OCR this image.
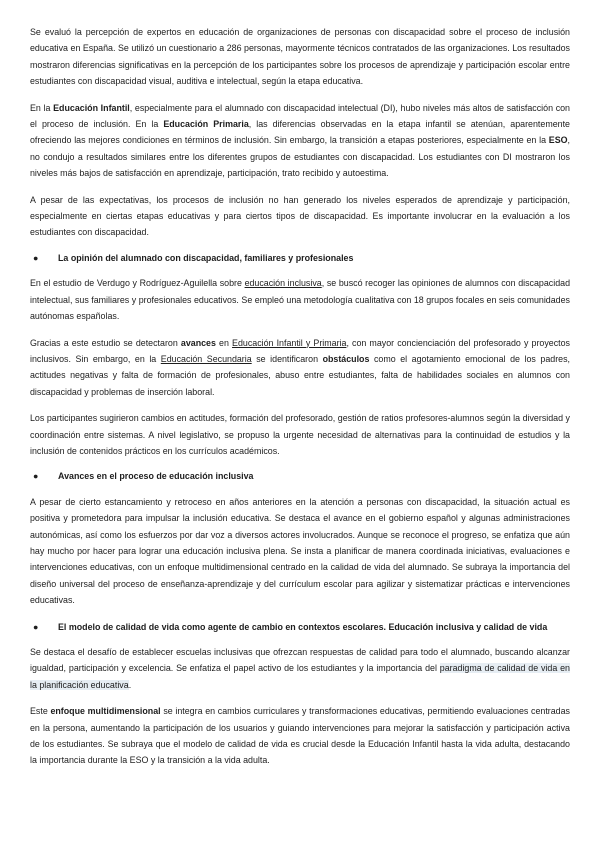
Se evaluó la percepción de expertos en educación de organizaciones de personas con discapacidad sobre el proceso de inclusión educativa en España. Se utilizó un cuestionario a 286 personas, mayormente técnicos contratados de las organizaciones. Los resultados mostraron diferencias significativas en la percepción de los participantes sobre los procesos de aprendizaje y participación escolar entre estudiantes con discapacidad visual, auditiva e intelectual, según la etapa educativa.

En la Educación Infantil, especialmente para el alumnado con discapacidad intelectual (DI), hubo niveles más altos de satisfacción con el proceso de inclusión. En la Educación Primaria, las diferencias observadas en la etapa infantil se atenúan, aparentemente ofreciendo las mejores condiciones en términos de inclusión. Sin embargo, la transición a etapas posteriores, especialmente en la ESO, no condujo a resultados similares entre los diferentes grupos de estudiantes con discapacidad. Los estudiantes con DI mostraron los niveles más bajos de satisfacción en aprendizaje, participación, trato recibido y autoestima.

A pesar de las expectativas, los procesos de inclusión no han generado los niveles esperados de aprendizaje y participación, especialmente en ciertas etapas educativas y para ciertos tipos de discapacidad. Es importante involucrar en la evaluación a los estudiantes con discapacidad.

●	La opinión del alumnado con discapacidad, familiares y profesionales

En el estudio de Verdugo y Rodríguez-Aguilella sobre educación inclusiva, se buscó recoger las opiniones de alumnos con discapacidad intelectual, sus familiares y profesionales educativos. Se empleó una metodología cualitativa con 18 grupos focales en seis comunidades autónomas españolas.

Gracias a este estudio se detectaron avances en Educación Infantil y Primaria, con mayor concienciación del profesorado y proyectos inclusivos. Sin embargo, en la Educación Secundaria se identificaron obstáculos como el agotamiento emocional de los padres, actitudes negativas y falta de formación de profesionales, abuso entre estudiantes, falta de habilidades sociales en alumnos con discapacidad y problemas de inserción laboral.

Los participantes sugirieron cambios en actitudes, formación del profesorado, gestión de ratios profesores-alumnos según la diversidad y coordinación entre sistemas. A nivel legislativo, se propuso la urgente necesidad de alternativas para la continuidad de estudios y la inclusión de contenidos prácticos en los currículos académicos.

●	Avances en el proceso de educación inclusiva

A pesar de cierto estancamiento y retroceso en años anteriores en la atención a personas con discapacidad, la situación actual es positiva y prometedora para impulsar la inclusión educativa. Se destaca el avance en el gobierno español y algunas administraciones autonómicas, así como los esfuerzos por dar voz a diversos actores involucrados. Aunque se reconoce el progreso, se enfatiza que aún hay mucho por hacer para lograr una educación inclusiva plena. Se insta a planificar de manera coordinada iniciativas, evaluaciones e intervenciones educativas, con un enfoque multidimensional centrado en la calidad de vida del alumnado. Se subraya la importancia del diseño universal del proceso de enseñanza-aprendizaje y del currículum escolar para agilizar y sistematizar prácticas e intervenciones educativas.

●	El modelo de calidad de vida como agente de cambio en contextos escolares. Educación inclusiva y calidad de vida

Se destaca el desafío de establecer escuelas inclusivas que ofrezcan respuestas de calidad para todo el alumnado, buscando alcanzar igualdad, participación y excelencia. Se enfatiza el papel activo de los estudiantes y la importancia del paradigma de calidad de vida en la planificación educativa.

Este enfoque multidimensional se integra en cambios curriculares y transformaciones educativas, permitiendo evaluaciones centradas en la persona, aumentando la participación de los usuarios y guiando intervenciones para mejorar la satisfacción y participación activa de los estudiantes. Se subraya que el modelo de calidad de vida es crucial desde la Educación Infantil hasta la vida adulta, destacando la importancia durante la ESO y la transición a la vida adulta.
